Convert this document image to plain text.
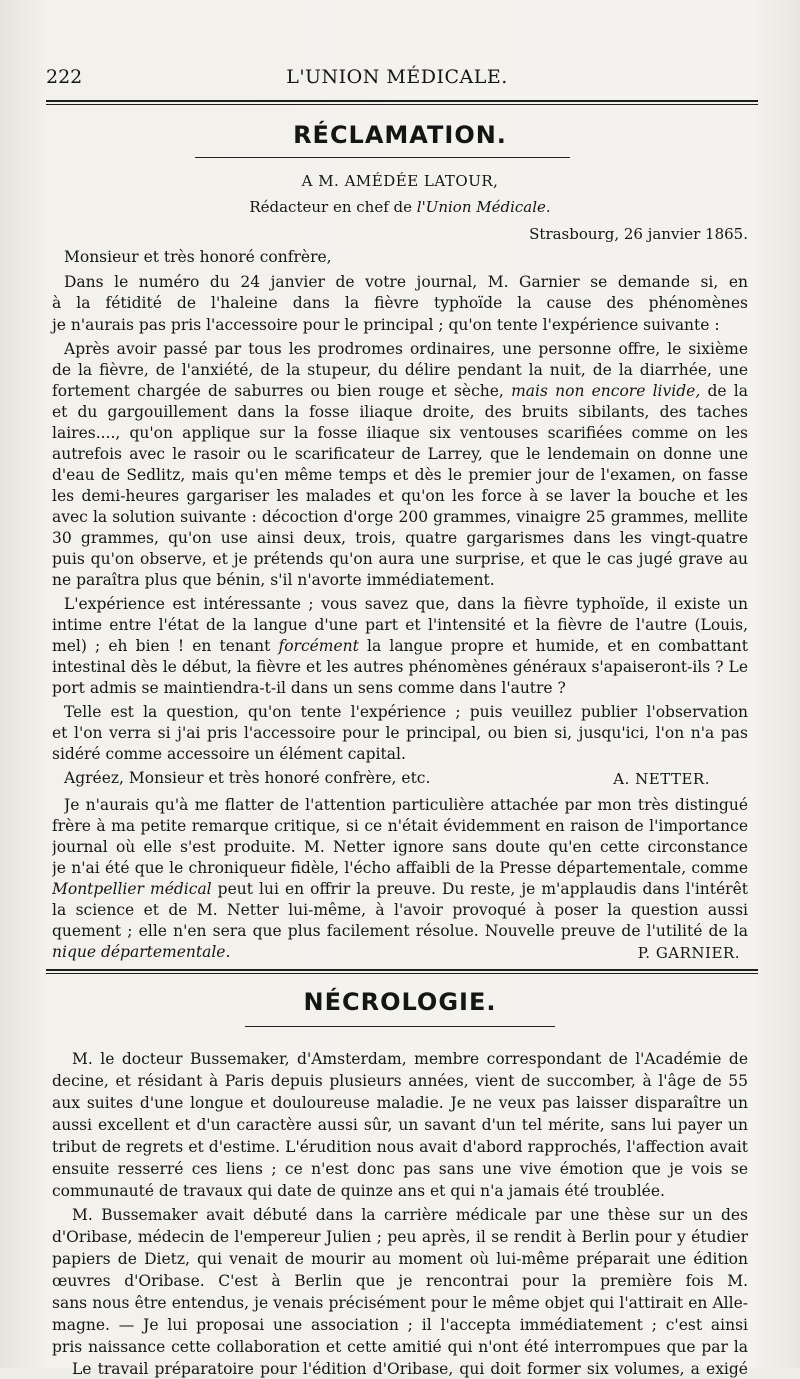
222	L'UNION MÉDICALE.
RÉCLAMATION.
A M. AMÉDÉE LATOUR,
Rédacteur en chef de l'Union Médicale.
Strasbourg, 26 janvier 1865.
Monsieur et très honoré confrère,
Dans le numéro du 24 janvier de votre journal, M. Garnier se demande si, en
à la fétidité de l'haleine dans la fièvre typhoïde la cause des phénomènes
je n'aurais pas pris l'accessoire pour le principal ; qu'on tente l'expérience suivante :
Après avoir passé par tous les prodromes ordinaires, une personne offre, le sixième
de la fièvre, de l'anxiété, de la stupeur, du délire pendant la nuit, de la diarrhée, une
fortement chargée de saburres ou bien rouge et sèche, mais non encore livide, de la
et du gargouillement dans la fosse iliaque droite, des bruits sibilants, des taches
laires...., qu'on applique sur la fosse iliaque six ventouses scarifiées comme on les
autrefois avec le rasoir ou le scarificateur de Larrey, que le lendemain on donne une
d'eau de Sedlitz, mais qu'en même temps et dès le premier jour de l'examen, on fasse
les demi-heures gargariser les malades et qu'on les force à se laver la bouche et les
avec la solution suivante : décoction d'orge 200 grammes, vinaigre 25 grammes, mellite
30 grammes, qu'on use ainsi deux, trois, quatre gargarismes dans les vingt-quatre
puis qu'on observe, et je prétends qu'on aura une surprise, et que le cas jugé grave au
ne paraîtra plus que bénin, s'il n'avorte immédiatement.
L'expérience est intéressante ; vous savez que, dans la fièvre typhoïde, il existe un
intime entre l'état de la langue d'une part et l'intensité et la fièvre de l'autre (Louis,
mel) ; eh bien ! en tenant forcément la langue propre et humide, et en combattant
intestinal dès le début, la fièvre et les autres phénomènes généraux s'apaiseront-ils ? Le
port admis se maintiendra-t-il dans un sens comme dans l'autre ?
Telle est la question, qu'on tente l'expérience ; puis veuillez publier l'observation
et l'on verra si j'ai pris l'accessoire pour le principal, ou bien si, jusqu'ici, l'on n'a pas
sidéré comme accessoire un élément capital.
Agréez, Monsieur et très honoré confrère, etc.	A. NETTER.
Je n'aurais qu'à me flatter de l'attention particulière attachée par mon très distingué
frère à ma petite remarque critique, si ce n'était évidemment en raison de l'importance
journal où elle s'est produite. M. Netter ignore sans doute qu'en cette circonstance
je n'ai été que le chroniqueur fidèle, l'écho affaibli de la Presse départementale, comme
Montpellier médical peut lui en offrir la preuve. Du reste, je m'applaudis dans l'intérêt
la science et de M. Netter lui-même, à l'avoir provoqué à poser la question aussi
quement ; elle n'en sera que plus facilement résolue. Nouvelle preuve de l'utilité de la
nique départementale.	P. GARNIER.
NÉCROLOGIE.
M. le docteur Bussemaker, d'Amsterdam, membre correspondant de l'Académie de
decine, et résidant à Paris depuis plusieurs années, vient de succomber, à l'âge de 55
aux suites d'une longue et douloureuse maladie. Je ne veux pas laisser disparaître un
aussi excellent et d'un caractère aussi sûr, un savant d'un tel mérite, sans lui payer un
tribut de regrets et d'estime. L'érudition nous avait d'abord rapprochés, l'affection avait
ensuite resserré ces liens ; ce n'est donc pas sans une vive émotion que je vois se
communauté de travaux qui date de quinze ans et qui n'a jamais été troublée.
M. Bussemaker avait débuté dans la carrière médicale par une thèse sur un des
d'Oribase, médecin de l'empereur Julien ; peu après, il se rendit à Berlin pour y étudier
papiers de Dietz, qui venait de mourir au moment où lui-même préparait une édition
œuvres d'Oribase. C'est à Berlin que je rencontrai pour la première fois M.
sans nous être entendus, je venais précisément pour le même objet qui l'attirait en Alle-
magne. — Je lui proposai une association ; il l'accepta immédiatement ; c'est ainsi
pris naissance cette collaboration et cette amitié qui n'ont été interrompues que par la
Le travail préparatoire pour l'édition d'Oribase, qui doit former six volumes, a exigé
